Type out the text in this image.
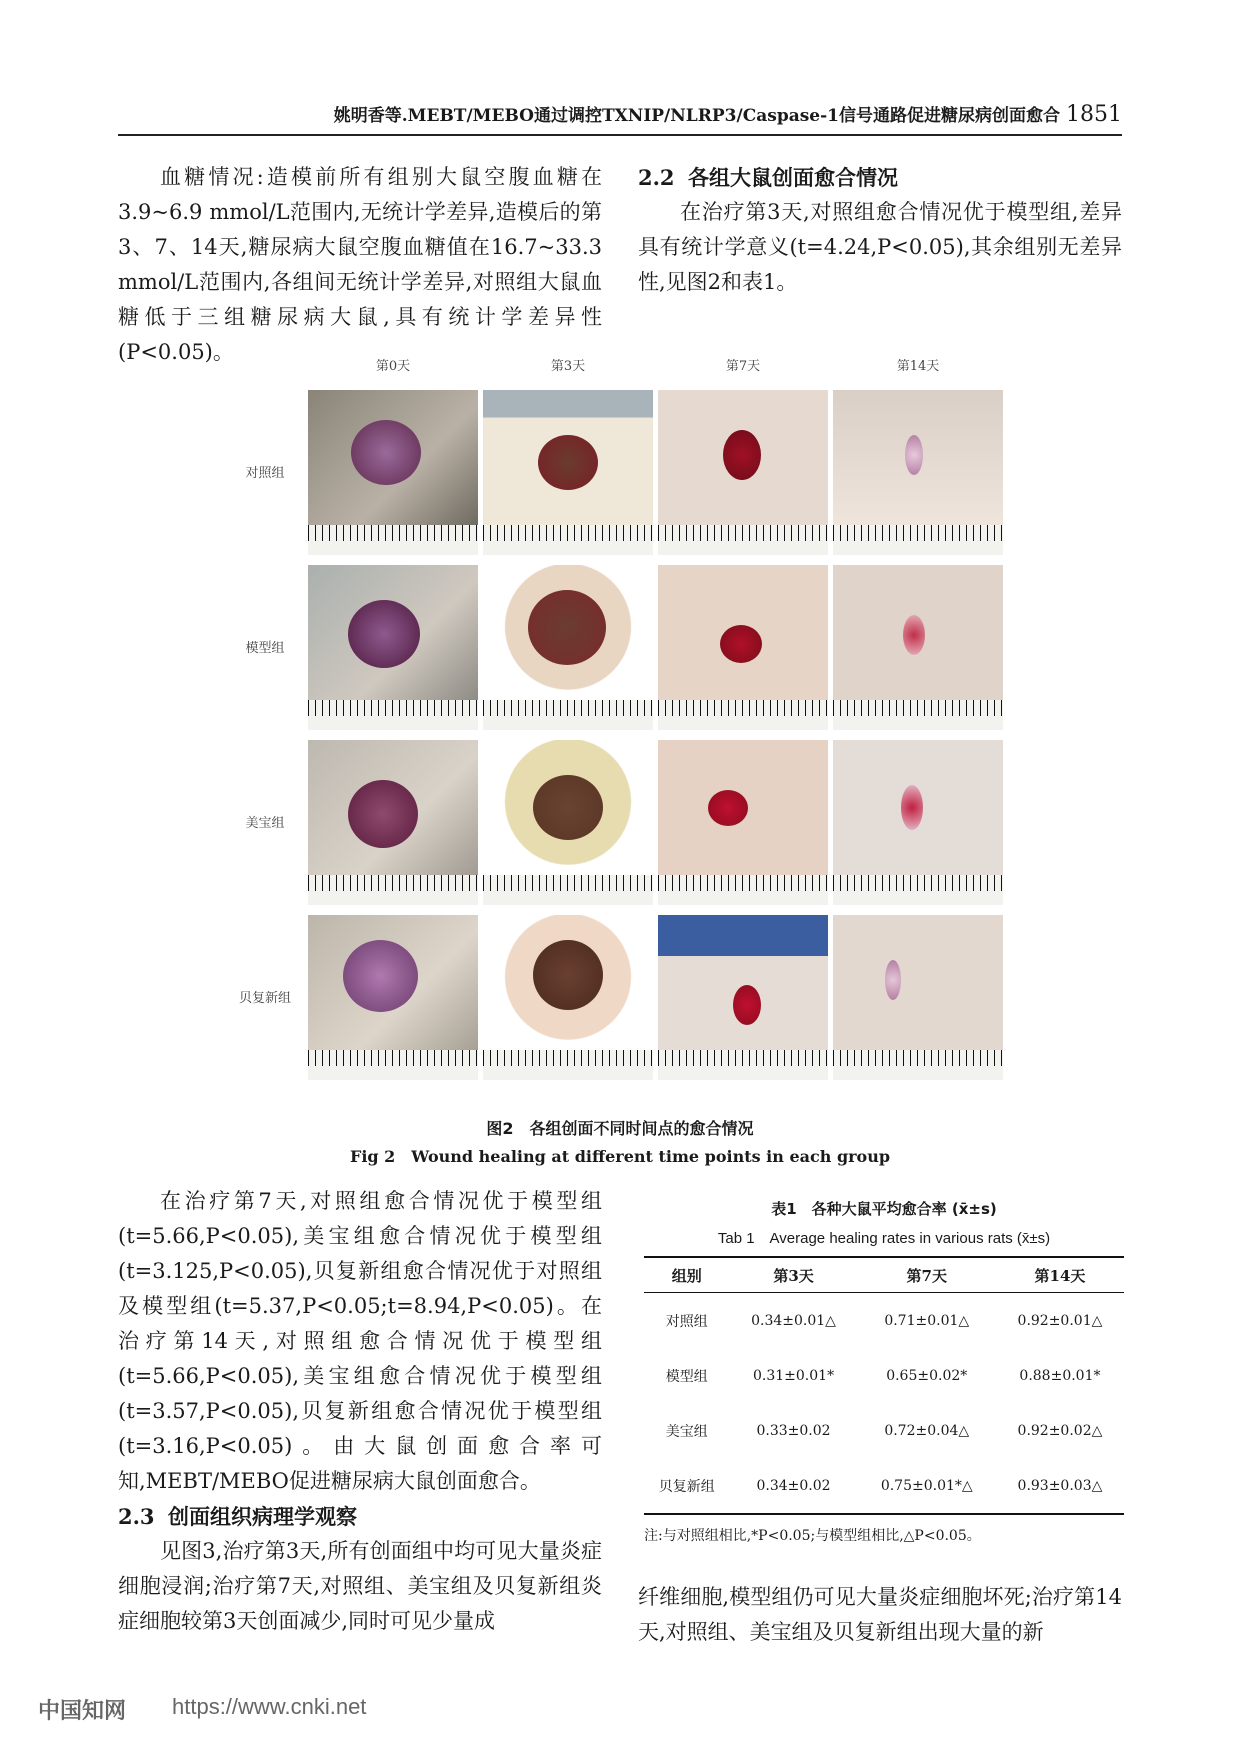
姚明香等.MEBT/MEBO通过调控TXNIP/NLRP3/Caspase-1信号通路促进糖尿病创面愈合 1851

血糖情况:造模前所有组别大鼠空腹血糖在3.9~6.9 mmol/L范围内,无统计学差异,造模后的第3、7、14天,糖尿病大鼠空腹血糖值在16.7~33.3 mmol/L范围内,各组间无统计学差异,对照组大鼠血糖低于三组糖尿病大鼠,具有统计学差异性(P<0.05)。

2.2 各组大鼠创面愈合情况

在治疗第3天,对照组愈合情况优于模型组,差异具有统计学意义(t=4.24,P<0.05),其余组别无差异性,见图2和表1。

第0天	第3天	第7天	第14天
对照组
模型组
美宝组
贝复新组
图2　各组创面不同时间点的愈合情况
Fig 2　Wound healing at different time points in each group

在治疗第7天,对照组愈合情况优于模型组(t=5.66,P<0.05),美宝组愈合情况优于模型组(t=3.125,P<0.05),贝复新组愈合情况优于对照组及模型组(t=5.37,P<0.05;t=8.94,P<0.05)。在治疗第14天,对照组愈合情况优于模型组(t=5.66,P<0.05),美宝组愈合情况优于模型组(t=3.57,P<0.05),贝复新组愈合情况优于模型组(t=3.16,P<0.05)。由大鼠创面愈合率可知,MEBT/MEBO促进糖尿病大鼠创面愈合。

2.3 创面组织病理学观察

见图3,治疗第3天,所有创面组中均可见大量炎症细胞浸润;治疗第7天,对照组、美宝组及贝复新组炎症细胞较第3天创面减少,同时可见少量成

表1　各种大鼠平均愈合率 (x̄±s)
Tab 1　Average healing rates in various rats (x̄±s)
组别	第3天	第7天	第14天
对照组	0.34±0.01△	0.71±0.01△	0.92±0.01△
模型组	0.31±0.01*	0.65±0.02*	0.88±0.01*
美宝组	0.33±0.02	0.72±0.04△	0.92±0.02△
贝复新组	0.34±0.02	0.75±0.01*△	0.93±0.03△
注:与对照组相比,*P<0.05;与模型组相比,△P<0.05。

纤维细胞,模型组仍可见大量炎症细胞坏死;治疗第14天,对照组、美宝组及贝复新组出现大量的新

中国知网 https://www.cnki.net
